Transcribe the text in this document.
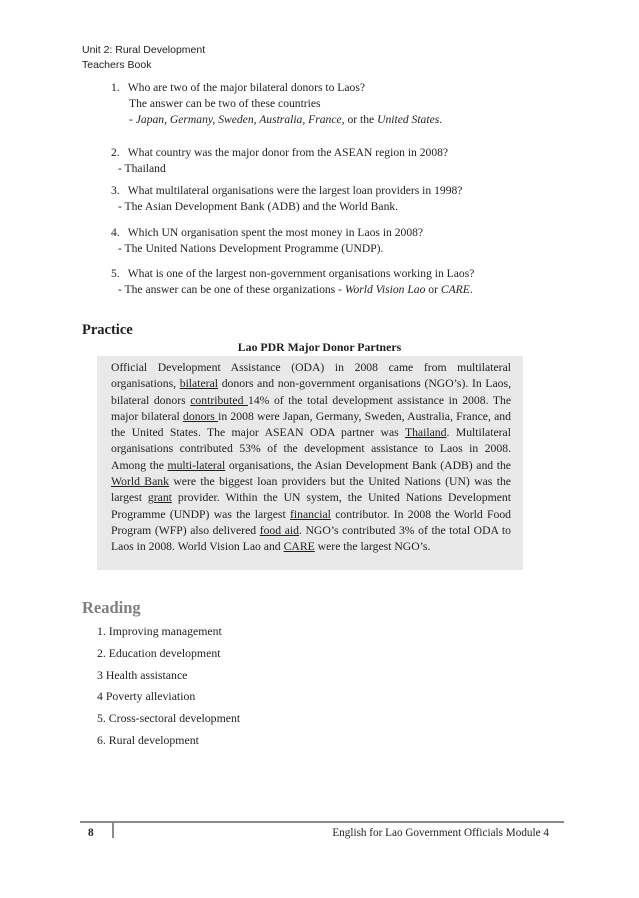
Unit 2: Rural Development
Teachers Book
1. Who are two of the major bilateral donors to Laos?
The answer can be two of these countries
- Japan, Germany, Sweden, Australia, France, or the United States.
2. What country was the major donor from the ASEAN region in 2008?
- Thailand
3. What multilateral organisations were the largest loan providers in 1998?
- The Asian Development Bank (ADB) and the World Bank.
4. Which UN organisation spent the most money in Laos in 2008?
- The United Nations Development Programme (UNDP).
5. What is one of the largest non-government organisations working in Laos?
- The answer can be one of these organizations - World Vision Lao or CARE.
Practice
Lao PDR Major Donor Partners

Official Development Assistance (ODA) in 2008 came from multilateral organisations, bilateral donors and non-government organisations (NGO’s). In Laos, bilateral donors contributed 14% of the total development assistance in 2008. The major bilateral donors in 2008 were Japan, Germany, Sweden, Australia, France, and the United States. The major ASEAN ODA partner was Thailand. Multilateral organisations contributed 53% of the development assistance to Laos in 2008. Among the multi-lateral organisations, the Asian Development Bank (ADB) and the World Bank were the biggest loan providers but the United Nations (UN) was the largest grant provider. Within the UN system, the United Nations Development Programme (UNDP) was the largest financial contributor. In 2008 the World Food Program (WFP) also delivered food aid. NGO’s contributed 3% of the total ODA to Laos in 2008. World Vision Lao and CARE were the largest NGO’s.

Reading
1. Improving management
2. Education development
3 Health assistance
4 Poverty alleviation
5. Cross-sectoral development
6. Rural development
8	English for Lao Government Officials Module 4
